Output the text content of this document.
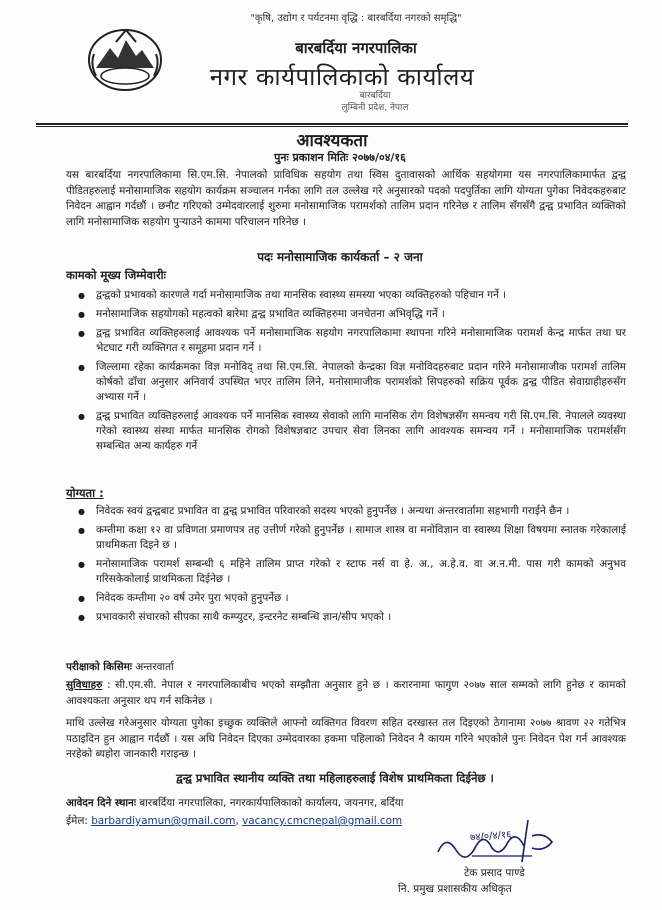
"कृषि, उद्योग र पर्यटनमा वृद्धि : बारबर्दिया नगरको समृद्धि"
बारबर्दिया नगरपालिका
नगर कार्यपालिकाको कार्यालय
बारबर्दिया
लुम्बिनी प्रदेश, नेपाल
आवश्यकता
पुनः प्रकाशन मितिः २०७७/०४/१६

यस बारबर्दिया नगरपालिकामा सि.एम.सि. नेपालको प्राविधिक सहयोग तथा स्विस दुतावासको आर्थिक सहयोगमा यस नगरपालिकामार्फत द्वन्द्व पीडितहरुलाई मनोसामाजिक सहयोग कार्यक्रम सञ्चालन गर्नका लागि तल उल्लेख गरे अनुसारको पदको पदपुर्तिका लागि योग्यता पुगेका निवेदकहरुबाट निवेदन आह्वान गर्दछौं । छनौट गरिएको उम्मेदवारलाई शुरुमा मनोसामाजिक परामर्शको तालिम प्रदान गरिनेछ र तालिम सँगसँगै द्वन्द्व प्रभावित व्यक्तिको लागि मनोसामाजिक सहयोग पुऱ्याउने काममा परिचालन गरिनेछ ।

पदः मनोसामाजिक कार्यकर्ता – २ जना
कामको मूख्य जिम्मेवारीः
● द्वन्द्वको प्रभावको कारणले गर्दा मनोसामाजिक तथा मानसिक स्वास्थ्य समस्या भएका व्यक्तिहरुको पहिचान गर्ने ।
● मनोसामाजिक सहयोगको महत्वको बारेमा द्वन्द्व प्रभावित व्यक्तिहरुमा जनचेतना अभिवृद्धि गर्ने ।
● द्वन्द्व प्रभावित व्यक्तिहरुलाई आवश्यक पर्ने मनोसामाजिक सहयोग नगरपालिकामा स्थापना गरिने मनोसामाजिक परामर्श केन्द्र मार्फत तथा घर भेटघाट गरी व्यक्तिगत र समूहमा प्रदान गर्ने ।
● जिल्लामा रहेका कार्यक्रमका विज्ञ मनोविद् तथा सि.एम.सि. नेपालको केन्द्रका विज्ञ मनोविदहरुबाट प्रदान गरिने मनोसामाजीक परामर्श तालिम कोर्षको ढाँचा अनुसार अनिवार्य उपस्थित भएर तालिम लिने, मनोसामाजीक परामर्शको सिपहरुको सक्रिय पूर्वक द्वन्द्व पीडित सेवाग्राहीहरुसँग अभ्यास गर्ने ।
● द्वन्द्व प्रभावित व्यक्तिहरुलाई आवश्यक पर्ने मानसिक स्वास्थ्य सेवाको लागि मानसिक रोग विशेषज्ञसँग समन्वय गरी सि.एम.सि. नेपालले व्यवस्था गरेको स्वास्थ्य संस्था मार्फत मानसिक रोगको विशेषज्ञबाट उपचार सेवा लिनका लागि आवश्यक समन्वय गर्ने । मनोसामाजिक परामर्शसँग सम्बन्धित अन्य कार्यहरु गर्ने
योग्यता :
● निवेदक स्वयं द्वन्द्वबाट प्रभावित वा द्वन्द्व प्रभावित परिवारको सदस्य भएको हुनुपर्नेछ । अन्यथा अन्तरवार्तामा सहभागी गराईने छैन ।
● कम्तीमा कक्षा १२ वा प्रविणता प्रमाणपत्र तह उत्तीर्ण गरेको हुनुपर्नेछ । सामाज शास्त्र वा मनोविज्ञान वा स्वास्थ्य शिक्षा विषयमा स्नातक गरेकालाई प्राथमिकता दिइने छ ।
● मनोसामाजिक परामर्श सम्बन्धी ६ महिने तालिम प्राप्त गरेको र स्टाफ नर्स वा हे. अ., अ.हे.व. वा अ.न.मी. पास गरी कामको अनुभव गरिसकेकोलाई प्राथमिकता दिईनेछ ।
● निवेदक कम्तीमा २० वर्ष उमेर पुरा भएको हुनुपर्नेछ ।
● प्रभावकारी संचारको सीपका साथै कम्प्युटर, इन्टरनेट सम्बन्धि ज्ञान/सीप भएको ।
परीक्षाको किसिमः अन्तरवार्ता

सुविधाहरु : सी.एम.सी. नेपाल र नगरपालिकाबीच भएको सम्झौता अनुसार हुने छ । करारनामा फागुण २०७७ साल सम्मको लागि हुनेछ र कामको आवश्यकता अनुसार थप गर्न सकिनेछ ।

माथि उल्लेख गरेअनुसार योग्यता पुगेका इच्छुक व्यक्तिले आफ्नो व्यक्तिगत विवरण सहित दरखास्त तल दिइएको ठेगानामा २०७७ श्रावण २२ गतेभित्र पठाइदिन हुन आह्वान गर्दछौं । यस अघि निवेदन दिएका उम्मेदवारका हकमा पहिलाको निवेदन नै कायम गरिने भएकोले पुनः निवेदन पेश गर्न आवश्यक नरहेको ब्यहोरा जानकारी गराइन्छ ।

द्वन्द्व प्रभावित स्थानीय व्यक्ति तथा महिलाहरुलाई विशेष प्राथमिकता दिईनेछ ।
आवेदन दिने स्थानः बारबर्दिया नगरपालिका, नगरकार्यपालिकाको कार्यालय, जयनगर, बर्दिया
ईमेल: barbardiyamun@gmail.com, vacancy.cmcnepal@gmail.com
७४/०/४/१६
टेक प्रसाद पाण्डे
नि. प्रमुख प्रशासकीय अधिकृत
